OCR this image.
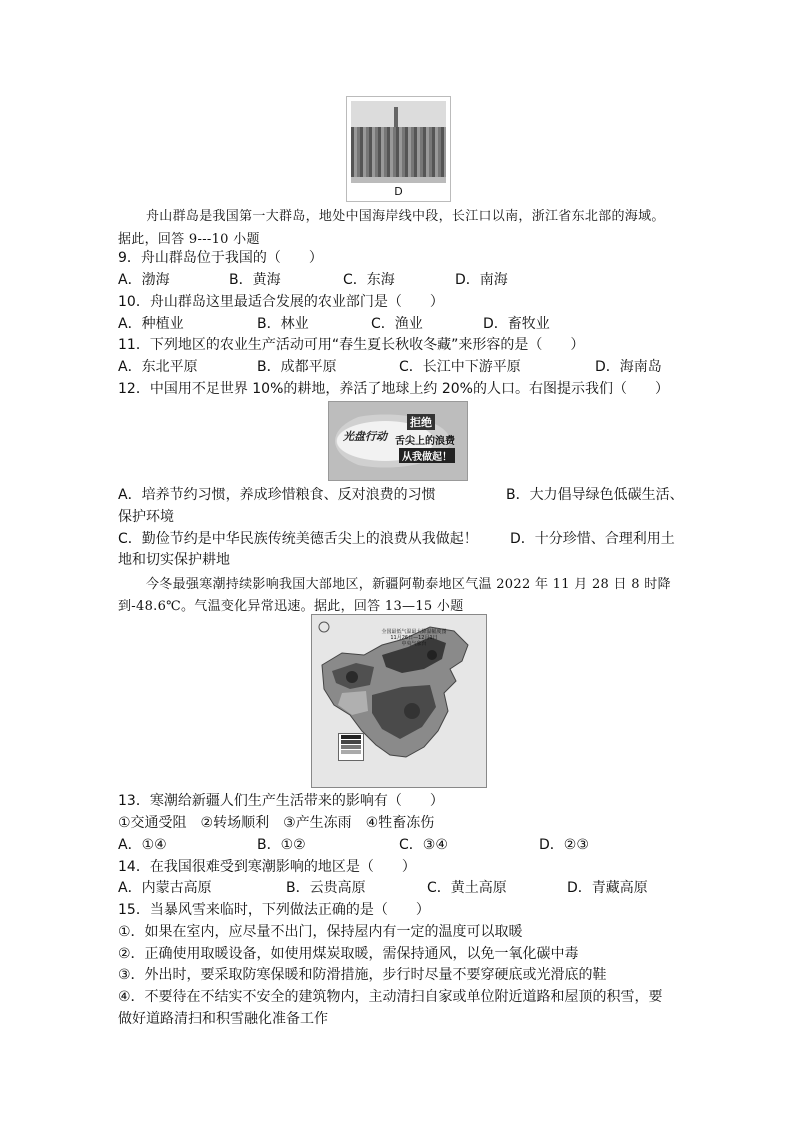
D
舟山群岛是我国第一大群岛，地处中国海岸线中段，长江口以南，浙江省东北部的海域。
据此，回答 9---10 小题
9．舟山群岛位于我国的（　　）
A．渤海	B．黄海	C．东海	D．南海
10．舟山群岛这里最适合发展的农业部门是（　　）
A．种植业	B．林业	C．渔业	D．畜牧业
11．下列地区的农业生产活动可用“春生夏长秋收冬藏”来形容的是（　　）
A．东北平原	B．成都平原	C．长江中下游平原	D．海南岛
12．中国用不足世界 10%的耕地，养活了地球上约 20%的人口。右图提示我们（　　）
光盘行动
拒绝
舌尖上的浪费
从我做起！
A．培养节约习惯，养成珍惜粮食、反对浪费的习惯	B．大力倡导绿色低碳生活、
保护环境
C．勤俭节约是中华民族传统美德舌尖上的浪费从我做起！ D．十分珍惜、合理利用土
地和切实保护耕地
今冬最强寒潮持续影响我国大部地区，新疆阿勒泰地区气温 2022 年 11 月 28 日 8 时降
到-48.6℃。气温变化异常迅速。据此，回答 13—15 小题
全国最低气温最大降温幅度图
11月26日—12月1日
中央气象台
13．寒潮给新疆人们生产生活带来的影响有（　　）
①交通受阻　②转场顺利　③产生冻雨　④牲畜冻伤
A．①④	B．①②	C．③④	D．②③
14．在我国很难受到寒潮影响的地区是（　　）
A．内蒙古高原	B．云贵高原	C．黄土高原	D．青藏高原
15．当暴风雪来临时，下列做法正确的是（　　）
①．如果在室内，应尽量不出门，保持屋内有一定的温度可以取暖
②．正确使用取暖设备，如使用煤炭取暖，需保持通风，以免一氧化碳中毒
③．外出时，要采取防寒保暖和防滑措施，步行时尽量不要穿硬底或光滑底的鞋
④．不要待在不结实不安全的建筑物内，主动清扫自家或单位附近道路和屋顶的积雪，要
做好道路清扫和积雪融化准备工作
